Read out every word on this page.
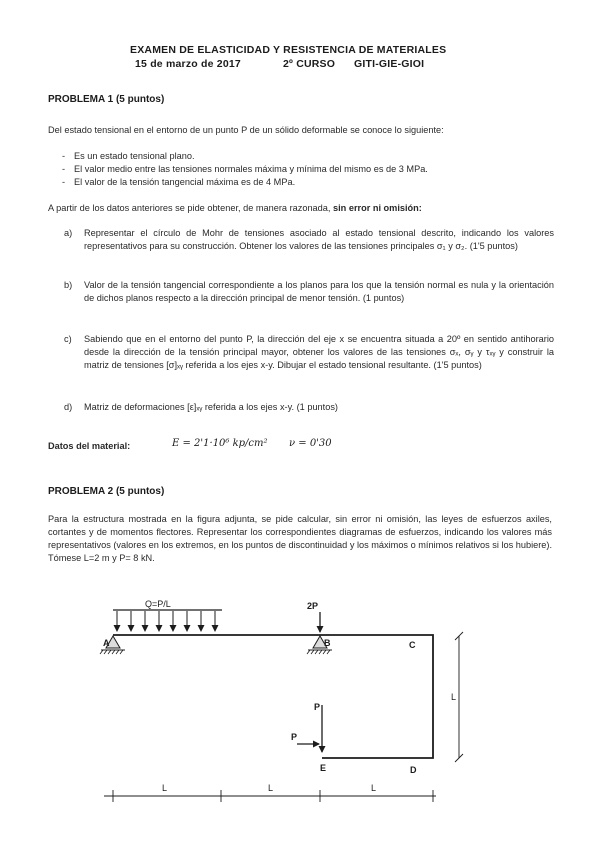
EXAMEN DE ELASTICIDAD Y RESISTENCIA DE MATERIALES
15 de marzo de 2017	2º CURSO GITI-GIE-GIOI
PROBLEMA 1 (5 puntos)
Del estado tensional en el entorno de un punto P de un sólido deformable se conoce lo siguiente:
- Es un estado tensional plano.
- El valor medio entre las tensiones normales máxima y mínima del mismo es de 3 MPa.
- El valor de la tensión tangencial máxima es de 4 MPa.
A partir de los datos anteriores se pide obtener, de manera razonada, sin error ni omisión:
a) Representar el círculo de Mohr de tensiones asociado al estado tensional descrito, indicando los valores representativos para su construcción. Obtener los valores de las tensiones principales σ₁ y σ₂. (1'5 puntos)
b) Valor de la tensión tangencial correspondiente a los planos para los que la tensión normal es nula y la orientación de dichos planos respecto a la dirección principal de menor tensión. (1 puntos)
c) Sabiendo que en el entorno del punto P, la dirección del eje x se encuentra situada a 20º en sentido antihorario desde la dirección de la tensión principal mayor, obtener los valores de las tensiones σₓ, σᵧ y τₓᵧ y construir la matriz de tensiones [σ]ₓᵧ referida a los ejes x-y. Dibujar el estado tensional resultante. (1'5 puntos)
d) Matriz de deformaciones [ε]ₓᵧ referida a los ejes x-y. (1 puntos)
Datos del material:	E = 2'1·10⁶ kp/cm² ν = 0'30
PROBLEMA 2 (5 puntos)
Para la estructura mostrada en la figura adjunta, se pide calcular, sin error ni omisión, las leyes de esfuerzos axiles, cortantes y de momentos flectores. Representar los correspondientes diagramas de esfuerzos, indicando los valores más representativos (valores en los extremos, en los puntos de discontinuidad y los máximos o mínimos relativos si los hubiere). Tómese L=2 m y P= 8 kN.
Q=P/L
A	B
2P
C
D
P
P
E
L
L	L	L
